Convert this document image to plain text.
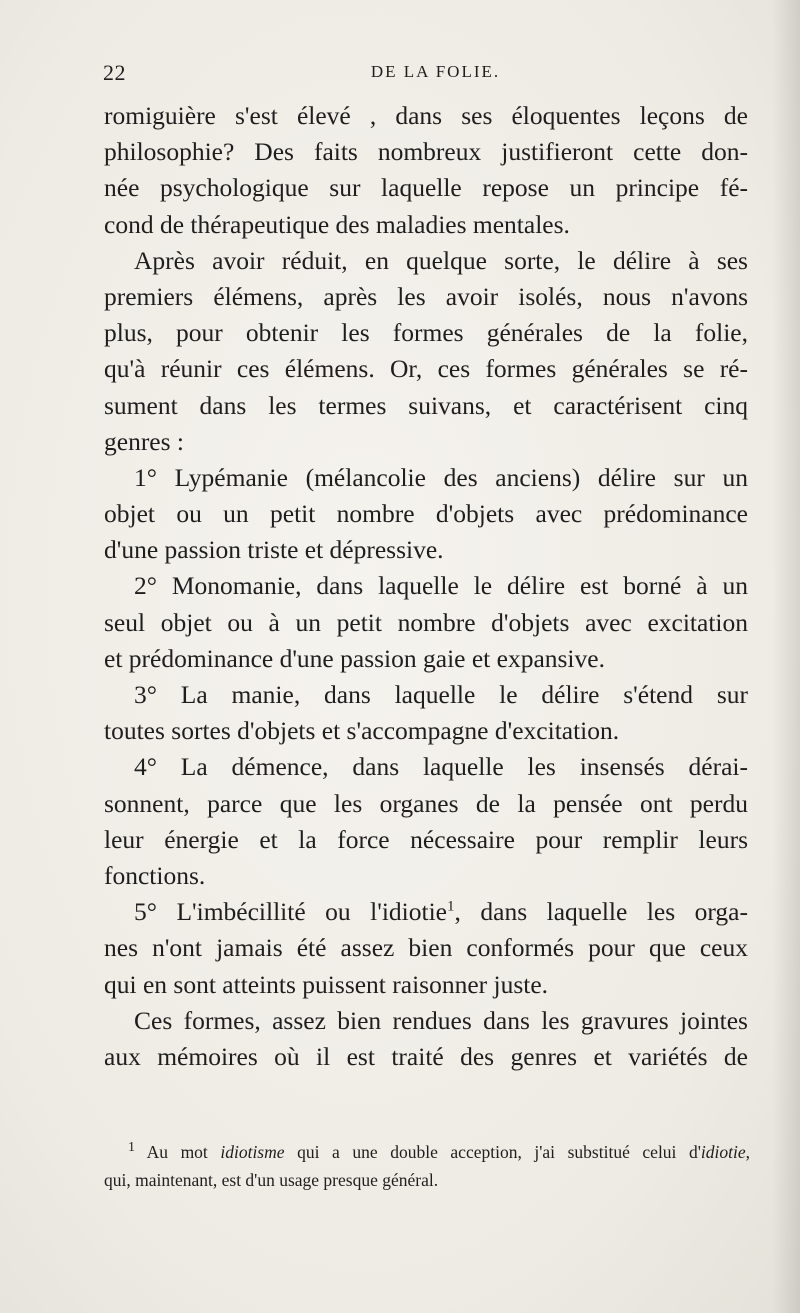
22	DE LA FOLIE.
romiguière s'est élevé , dans ses éloquentes leçons de
philosophie? Des faits nombreux justifieront cette don-
née psychologique sur laquelle repose un principe fé-
cond de thérapeutique des maladies mentales.
Après avoir réduit, en quelque sorte, le délire à ses
premiers élémens, après les avoir isolés, nous n'avons
plus, pour obtenir les formes générales de la folie,
qu'à réunir ces élémens. Or, ces formes générales se ré-
sument dans les termes suivans, et caractérisent cinq
genres :
1° Lypémanie (mélancolie des anciens) délire sur un
objet ou un petit nombre d'objets avec prédominance
d'une passion triste et dépressive.
2° Monomanie, dans laquelle le délire est borné à un
seul objet ou à un petit nombre d'objets avec excitation
et prédominance d'une passion gaie et expansive.
3° La manie, dans laquelle le délire s'étend sur
toutes sortes d'objets et s'accompagne d'excitation.
4° La démence, dans laquelle les insensés dérai-
sonnent, parce que les organes de la pensée ont perdu
leur énergie et la force nécessaire pour remplir leurs
fonctions.
5° L'imbécillité ou l'idiotie$^1$, dans laquelle les orga-
nes n'ont jamais été assez bien conformés pour que ceux
qui en sont atteints puissent raisonner juste.
Ces formes, assez bien rendues dans les gravures jointes
aux mémoires où il est traité des genres et variétés de
$^1$ Au mot idiotisme qui a une double acception, j'ai substitué celui d'idiotie,
qui, maintenant, est d'un usage presque général.
